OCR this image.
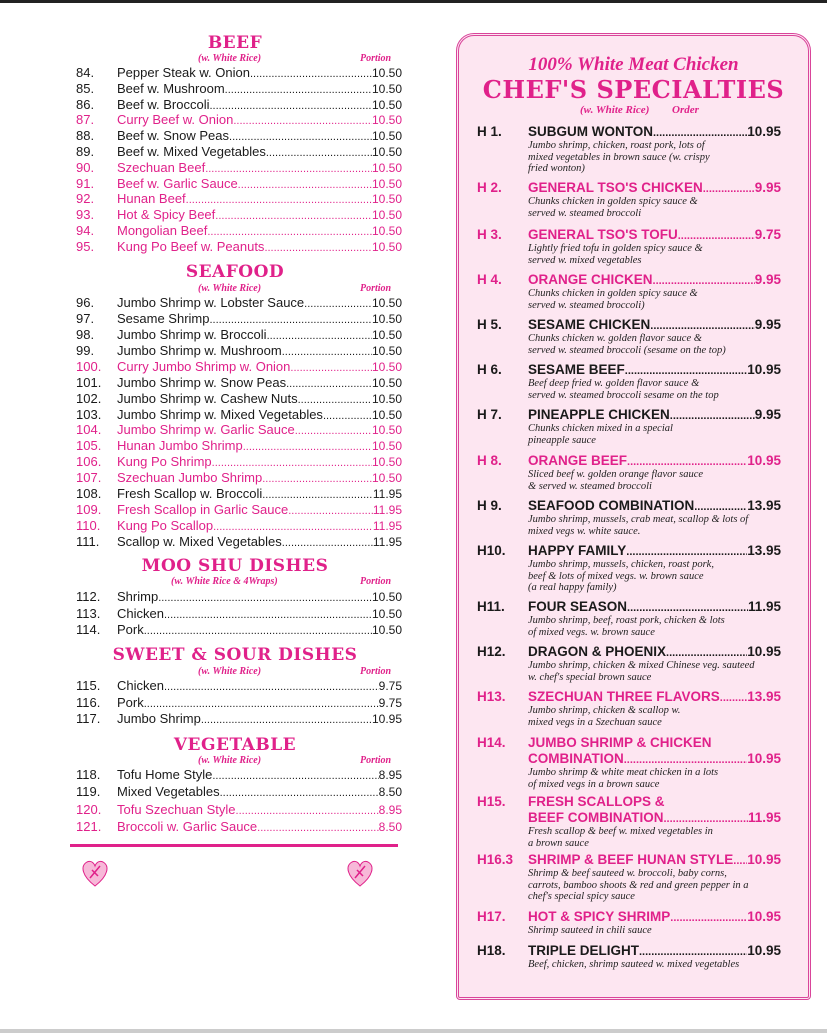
BEEF
(w. White Rice)	Portion
84.	Pepper Steak w. Onion .....	10.50
85.	Beef w. Mushroom .....	10.50
86.	Beef w. Broccoli .....	10.50
87.	Curry Beef w. Onion .....	10.50
88.	Beef w. Snow Peas .....	10.50
89.	Beef w. Mixed Vegetables .....	10.50
90.	Szechuan Beef .....	10.50
91.	Beef w. Garlic Sauce .....	10.50
92.	Hunan Beef .....	10.50
93.	Hot & Spicy Beef .....	10.50
94.	Mongolian Beef .....	10.50
95.	Kung Po Beef w. Peanuts .....	10.50
SEAFOOD
(w. White Rice)	Portion
96.	Jumbo Shrimp w. Lobster Sauce .....	10.50
97.	Sesame Shrimp .....	10.50
98.	Jumbo Shrimp w. Broccoli .....	10.50
99.	Jumbo Shrimp w. Mushroom .....	10.50
100.	Curry Jumbo Shrimp w. Onion .....	10.50
101.	Jumbo Shrimp w. Snow Peas .....	10.50
102.	Jumbo Shrimp w. Cashew Nuts .....	10.50
103.	Jumbo Shrimp w. Mixed Vegetables .....	10.50
104.	Jumbo Shrimp w. Garlic Sauce .....	10.50
105.	Hunan Jumbo Shrimp .....	10.50
106.	Kung Po Shrimp .....	10.50
107.	Szechuan Jumbo Shrimp .....	10.50
108.	Fresh Scallop w. Broccoli .....	11.95
109.	Fresh Scallop in Garlic Sauce .....	11.95
110.	Kung Po Scallop .....	11.95
111.	Scallop w. Mixed Vegetables .....	11.95
MOO SHU DISHES
(w. White Rice & 4Wraps)	Portion
112.	Shrimp .....	10.50
113.	Chicken .....	10.50
114.	Pork .....	10.50
SWEET & SOUR DISHES
(w. White Rice)	Portion
115.	Chicken .....	9.75
116.	Pork .....	9.75
117.	Jumbo Shrimp .....	10.95
VEGETABLE
(w. White Rice)	Portion
118.	Tofu Home Style .....	8.95
119.	Mixed Vegetables .....	8.50
120.	Tofu Szechuan Style .....	8.95
121.	Broccoli w. Garlic Sauce .....	8.50
100% White Meat Chicken
CHEF'S SPECIALTIES
(w. White Rice) Order
H 1.	SUBGUM WONTON .....	10.95
Jumbo shrimp, chicken, roast pork, lots of
mixed vegetables in brown sauce (w. crispy
fried wonton)
H 2.	GENERAL TSO'S CHICKEN .....	9.95
Chunks chicken in golden spicy sauce &
served w. steamed broccoli
H 3.	GENERAL TSO'S TOFU .....	9.75
Lightly fried tofu in golden spicy sauce &
served w. mixed vegetables
H 4.	ORANGE CHICKEN .....	9.95
Chunks chicken in golden spicy sauce &
served w. steamed broccoli)
H 5.	SESAME CHICKEN .....	9.95
Chunks chicken w. golden flavor sauce &
served w. steamed broccoli (sesame on the top)
H 6.	SESAME BEEF .....	10.95
Beef deep fried w. golden flavor sauce &
served w. steamed broccoli sesame on the top
H 7.	PINEAPPLE CHICKEN .....	9.95
Chunks chicken mixed in a special
pineapple sauce
H 8.	ORANGE BEEF .....	10.95
Sliced beef w. golden orange flavor sauce
& served w. steamed broccoli
H 9.	SEAFOOD COMBINATION .....	13.95
Jumbo shrimp, mussels, crab meat, scallop & lots of
mixed vegs w. white sauce.
H10.	HAPPY FAMILY .....	13.95
Jumbo shrimp, mussels, chicken, roast pork,
beef & lots of mixed vegs. w. brown sauce
(a real happy family)
H11.	FOUR SEASON .....	11.95
Jumbo shrimp, beef, roast pork, chicken & lots
of mixed vegs. w. brown sauce
H12.	DRAGON & PHOENIX .....	10.95
Jumbo shrimp, chicken & mixed Chinese veg. sauteed
w. chef's special brown sauce
H13.	SZECHUAN THREE FLAVORS ..... 13.95
Jumbo shrimp, chicken & scallop w.
mixed vegs in a Szechuan sauce
H14.	JUMBO SHRIMP & CHICKEN
COMBINATION .....	10.95
Jumbo shrimp & white meat chicken in a lots
of mixed vegs in a brown sauce
H15.	FRESH SCALLOPS &
BEEF COMBINATION .....	11.95
Fresh scallop & beef w. mixed vegetables in
a brown sauce
H16.3	SHRIMP & BEEF HUNAN STYLE ..... 10.95
Shrimp & beef sauteed w. broccoli, baby corns,
carrots, bamboo shoots & red and green pepper in a
chef's special spicy sauce
H17.	HOT & SPICY SHRIMP .....	10.95
Shrimp sauteed in chili sauce
H18.	TRIPLE DELIGHT .....	10.95
Beef, chicken, shrimp sauteed w. mixed vegetables
